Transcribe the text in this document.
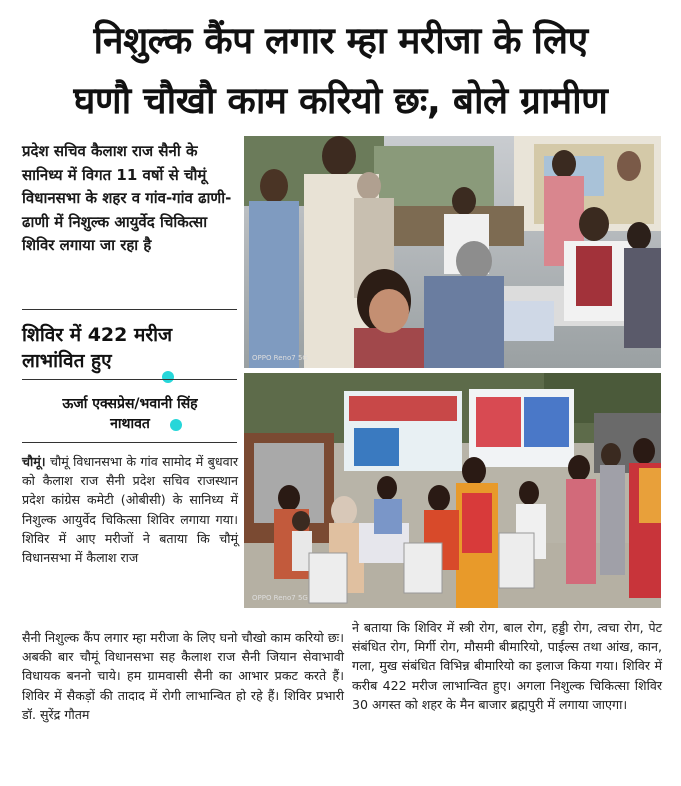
निशुल्क कैंप लगार म्हा मरीजा के लिए
घणौ चौखौ काम करियो छः, बोले ग्रामीण
प्रदेश सचिव कैलाश राज सैनी के सानिध्य में विगत 11 वर्षो से चौमूं विधानसभा के शहर व गांव-गांव ढाणी-ढाणी में निशुल्क आयुर्वेद चिकित्सा शिविर लगाया जा रहा है
शिविर में 422 मरीज लाभांवित हुए
ऊर्जा एक्सप्रेस/भवानी सिंह
नाथावत
OPPO Reno7 5G
OPPO Reno7 5G
चौमूं। चौमूं विधानसभा के गांव सामोद में बुधवार को कैलाश राज सैनी प्रदेश सचिव राजस्थान प्रदेश कांग्रेस कमेटी (ओबीसी) के सानिध्य में निशुल्क आयुर्वेद चिकित्सा शिविर लगाया गया। शिविर में आए मरीजों ने बताया कि चौमूं विधानसभा में कैलाश राज
सैनी निशुल्क कैंप लगार म्हा मरीजा के लिए घनो चौखो काम करियो छः। अबकी बार चौमूं विधानसभा सह कैलाश राज सैनी जियान सेवाभावी विधायक बननो चाये। हम ग्रामवासी सैनी का आभार प्रकट करते हैं। शिविर में सैकड़ों की तादाद में रोगी लाभान्वित हो रहे हैं। शिविर प्रभारी डॉ. सुरेंद्र गौतम
ने बताया कि शिविर में स्त्री रोग, बाल रोग, हड्डी रोग, त्वचा रोग, पेट संबंधित रोग, मिर्गी रोग, मौसमी बीमारियो, पाईल्स तथा आंख, कान, गला, मुख संबंधित विभिन्न बीमारियो का इलाज किया गया। शिविर में करीब 422 मरीज लाभान्वित हुए। अगला निशुल्क चिकित्सा शिविर 30 अगस्त को शहर के मैन बाजार ब्रह्मपुरी में लगाया जाएगा।
